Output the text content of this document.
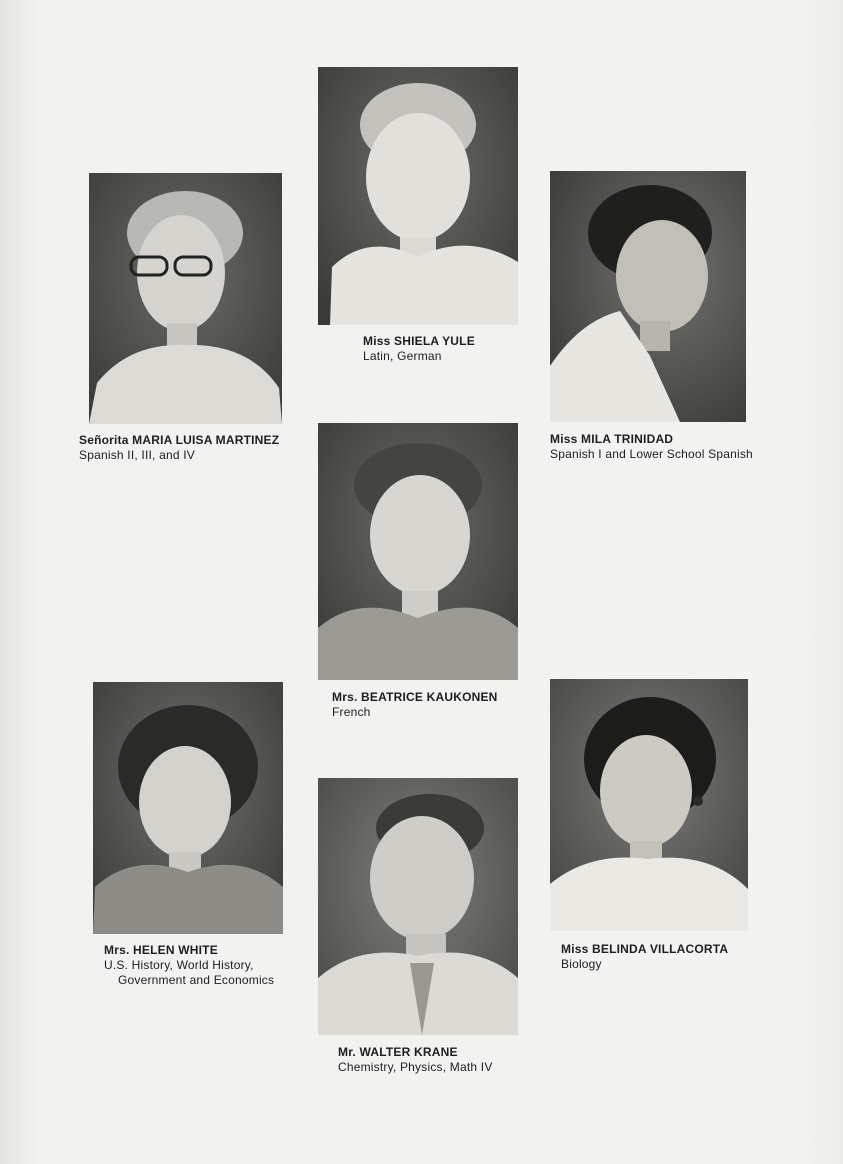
Señorita MARIA LUISA MARTINEZ
Spanish II, III, and IV
Miss SHIELA YULE
Latin, German
Miss MILA TRINIDAD
Spanish I and Lower School Spanish
Mrs. BEATRICE KAUKONEN
French
Mrs. HELEN WHITE
U.S. History, World History,
Government and Economics
Mr. WALTER KRANE
Chemistry, Physics, Math IV
Miss BELINDA VILLACORTA
Biology
